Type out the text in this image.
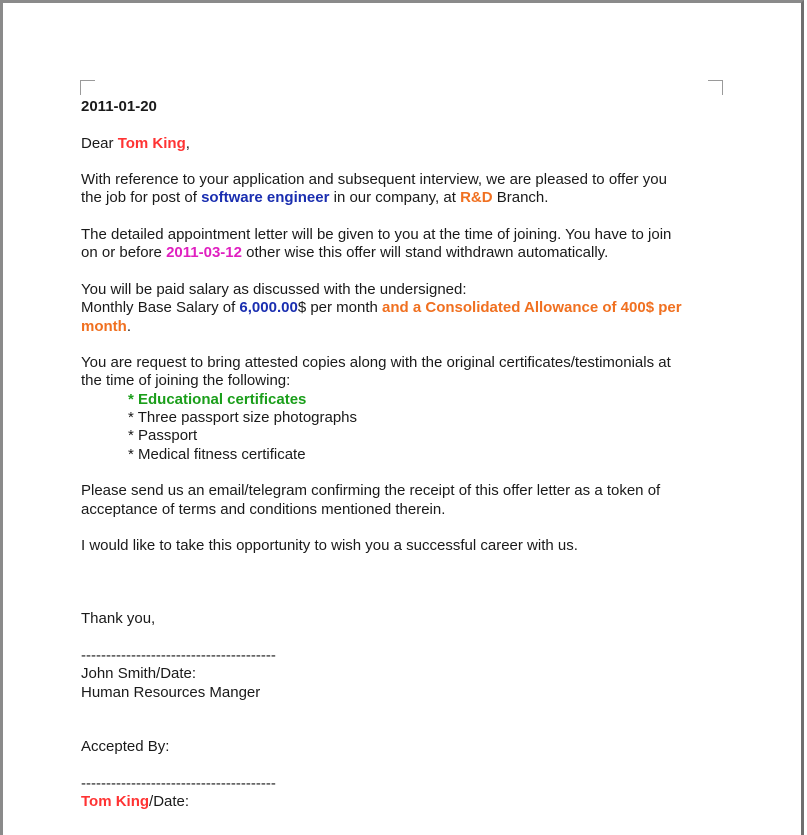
2011-01-20

Dear Tom King,

With reference to your application and subsequent interview, we are pleased to offer you

the job for post of software engineer in our company, at R&D Branch.

The detailed appointment letter will be given to you at the time of joining. You have to join

on or before 2011-03-12 other wise this offer will stand withdrawn automatically.

You will be paid salary as discussed with the undersigned:

Monthly Base Salary of 6,000.00$ per month and a Consolidated Allowance of 400$ per

month.

You are request to bring attested copies along with the original certificates/testimonials at

the time of joining the following:

* Educational certificates

* Three passport size photographs

* Passport

* Medical fitness certificate

Please send us an email/telegram confirming the receipt of this offer letter as a token of

acceptance of terms and conditions mentioned therein.

I would like to take this opportunity to wish you a successful career with us.

Thank you,

---------------------------------------

John Smith/Date:

Human Resources Manger

Accepted By:

---------------------------------------

Tom King/Date:
